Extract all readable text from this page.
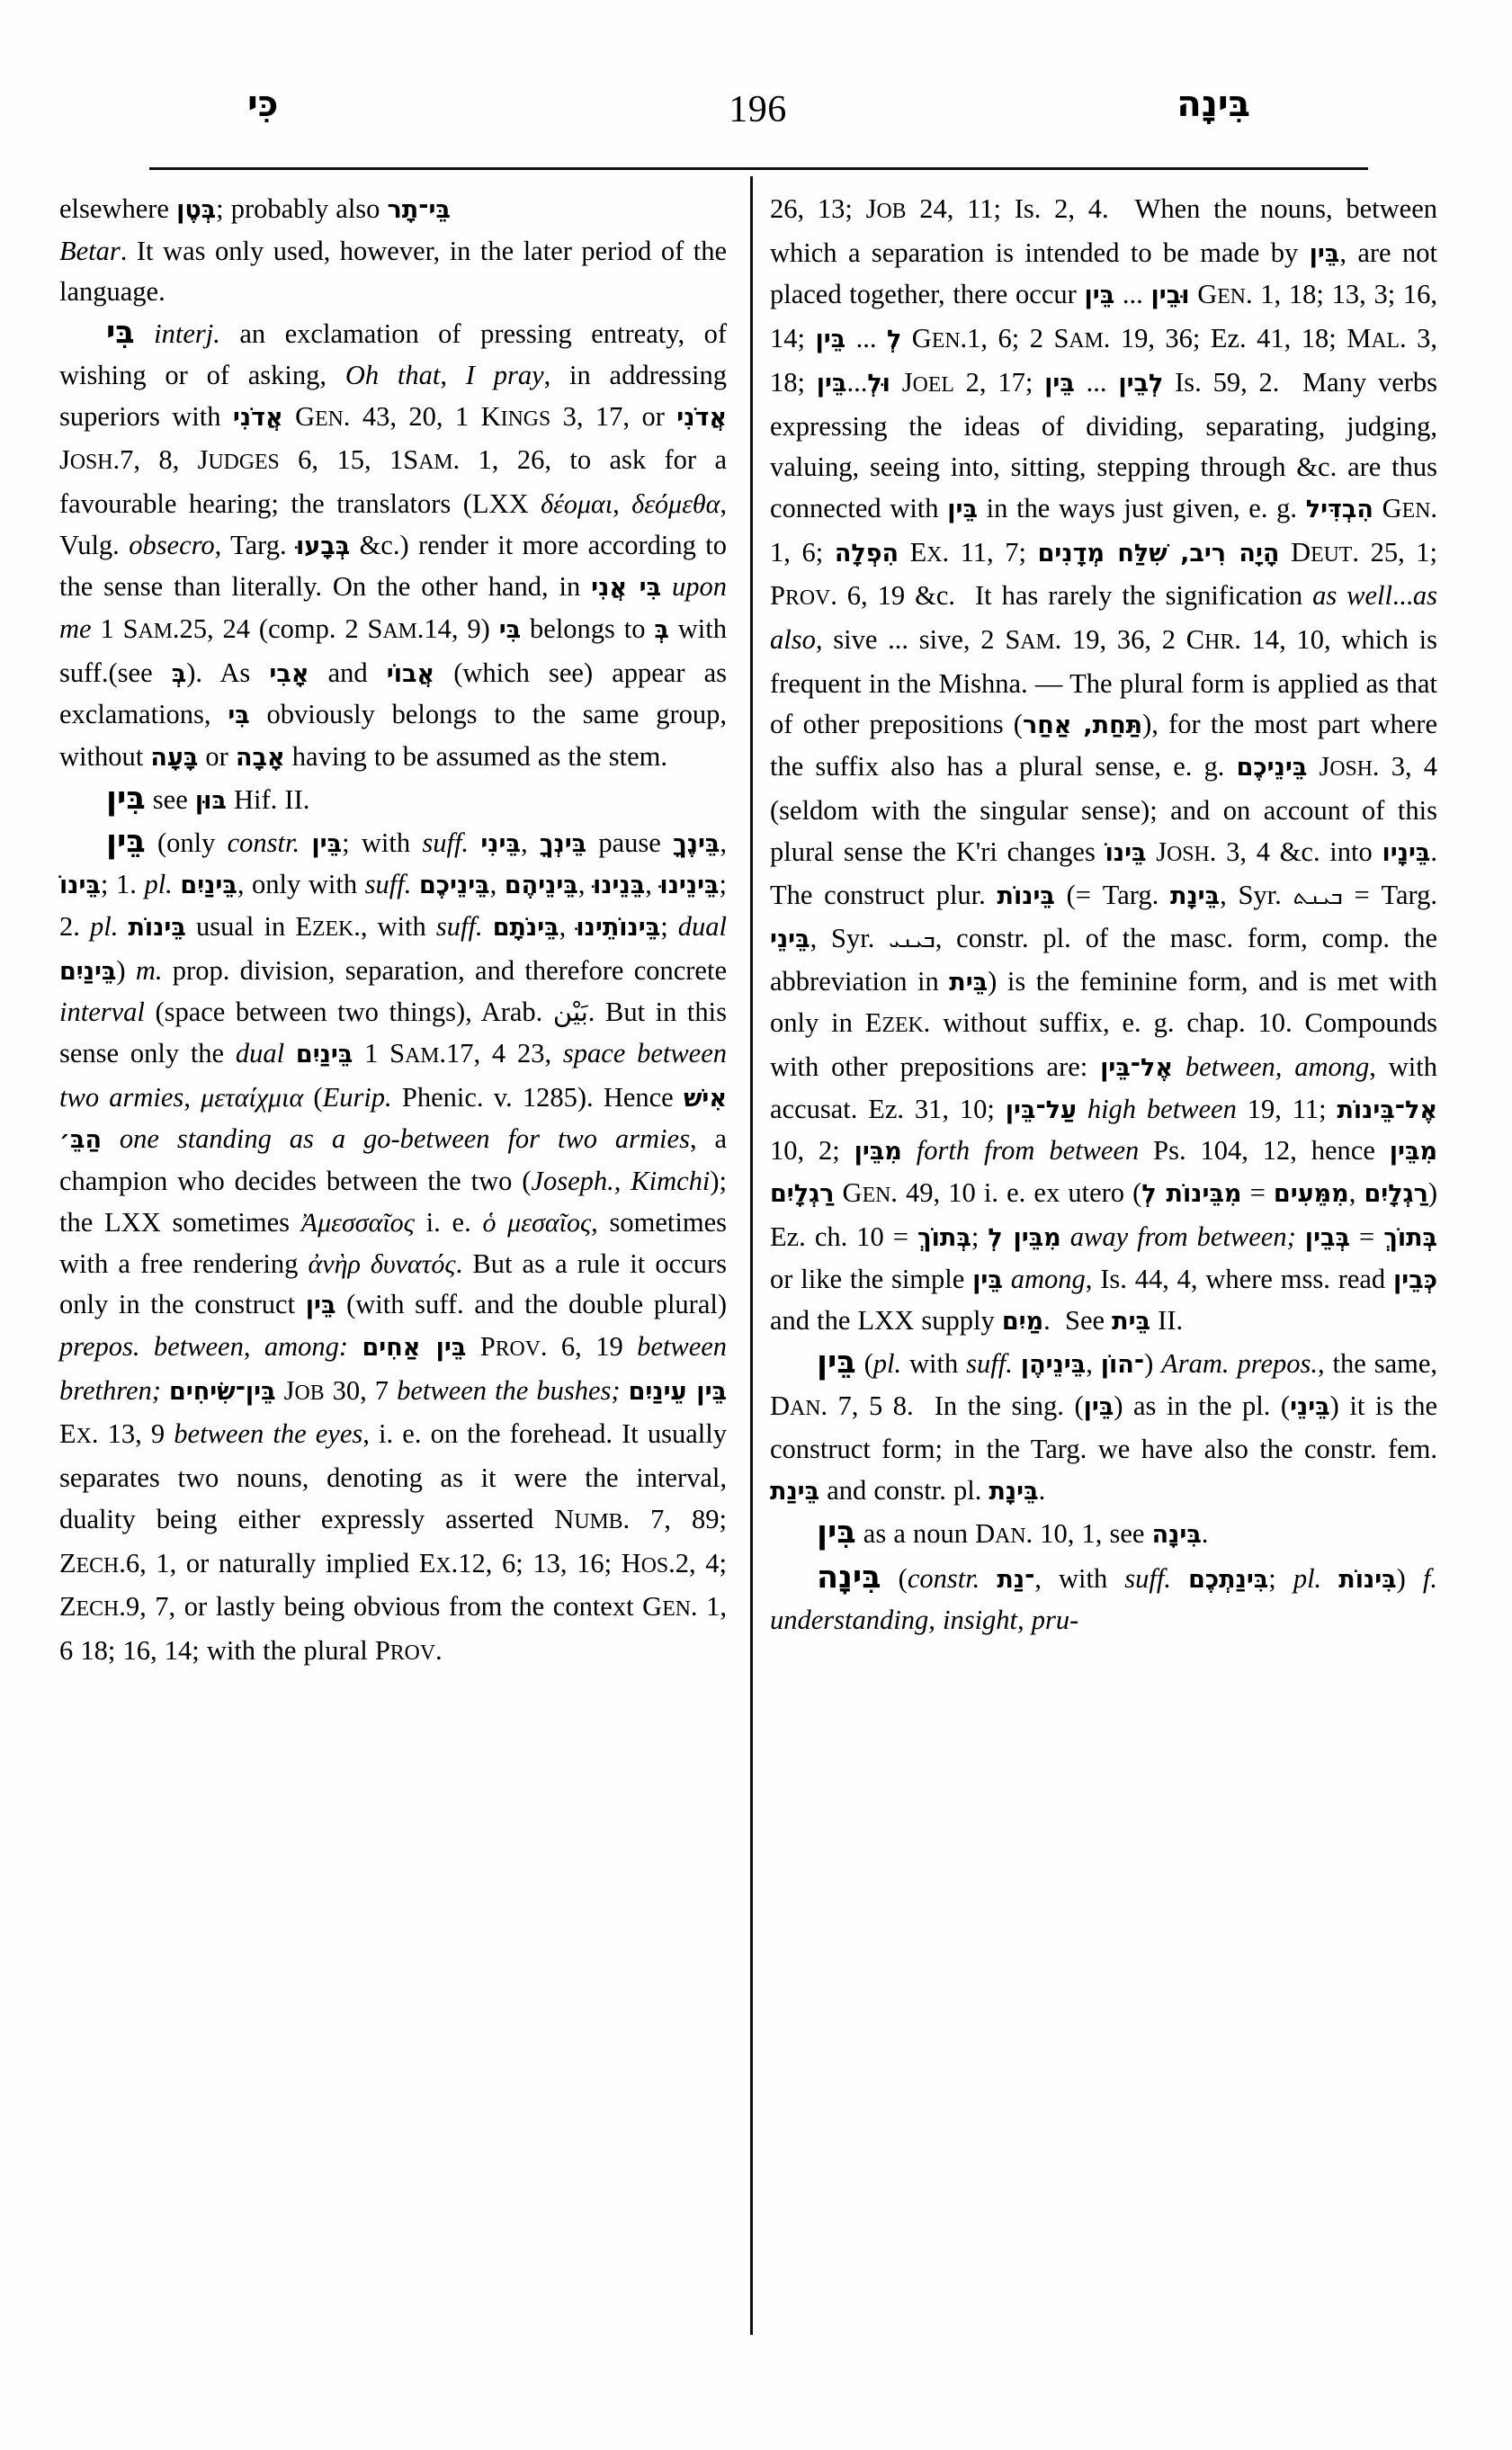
כִּי	196	בִּינָה

elsewhere בְּטֶן; probably also בֵּי־תָר
Betar. It was only used, however, in the later period of the language.

בִּי interj. an exclamation of pressing entreaty, of wishing or of asking, Oh that, I pray, in addressing superiors with אֲדֹנִי GEN. 43, 20, 1 KINGS 3, 17, or אֲדֹנִי JOSH.7, 8, JUDGES 6, 15, 1SAM. 1, 26, to ask for a favourable hearing; the translators (LXX δέομαι, δεόμεθα, Vulg. obsecro, Targ. בְּבָעוּ &c.) render it more according to the sense than literally. On the other hand, in בִּי אֲנִי upon me 1 SAM.25, 24 (comp. 2 SAM.14, 9) בִּי belongs to בְּ with suff.(see בְּ). As אָבִי and אֲבוֹי (which see) appear as exclamations, בִּי obviously belongs to the same group, without בָּעָה or אָבָה having to be assumed as the stem.

בִּין see בּוּן Hif. II.

בֵּין (only constr. בֵּין; with suff. בֵּינִי, בֵּינְךָ pause בֵּינֶךָ, בֵּינוֹ; 1. pl. בֵּינַיִם, only with suff. בֵּינֵיכֶם, בֵּינֵיהֶם, בֵּנֵינוּ, בֵּינֵינוּ; 2. pl. בֵּינוֹת usual in EZEK., with suff. בֵּינֹתָם, בֵּינוֹתֵינוּ; dual בֵּינַיִם) m. prop. division, separation, and therefore concrete interval (space between two things), Arab. بَيْن. But in this sense only the dual בֵּינַיִם 1 SAM.17, 4 23, space between two armies, μεταίχμια (Eurip. Phenic. v. 1285). Hence אִישׁ הַבֵּ׳ one standing as a go-between for two armies, a champion who decides between the two (Joseph., Kimchi); the LXX sometimes Ἀμεσσαῖος i. e. ὁ μεσαῖος, sometimes with a free rendering ἀνὴρ δυνατός. But as a rule it occurs only in the construct בֵּין (with suff. and the double plural) prepos. between, among: בֵּין אַחִים PROV. 6, 19 between brethren; בֵּין־שִׂיחִים JOB 30, 7 between the bushes; בֵּין עֵינַיִם EX. 13, 9 between the eyes, i. e. on the forehead. It usually separates two nouns, denoting as it were the interval, duality being either expressly asserted NUMB. 7, 89; ZECH.6, 1, or naturally implied EX.12, 6; 13, 16; HOS.2, 4; ZECH.9, 7, or lastly being obvious from the context GEN. 1, 6 18; 16, 14; with the plural PROV.

26, 13; JOB 24, 11; Is. 2, 4.  When the nouns, between which a separation is intended to be made by בֵּין, are not placed together, there occur בֵּין ... וּבֵין GEN. 1, 18; 13, 3; 16, 14; בֵּין ... לְ GEN.1, 6; 2 SAM. 19, 36; Ez. 41, 18; MAL. 3, 18; בֵּין...וּלְ JOEL 2, 17; בֵּין ... לְבֵין Is. 59, 2.  Many verbs expressing the ideas of dividing, separating, judging, valuing, seeing into, sitting, stepping through &c. are thus connected with בֵּין in the ways just given, e. g. הִבְדִּיל GEN. 1, 6; הִפְלָה EX. 11, 7; הָיָה רִיב, שִׁלַּח מְדָנִים DEUT. 25, 1; PROV. 6, 19 &c.  It has rarely the signification as well...as also, sive ... sive, 2 SAM. 19, 36, 2 CHR. 14, 10, which is frequent in the Mishna. — The plural form is applied as that of other prepositions (תַּחַת, אַחַר), for the most part where the suffix also has a plural sense, e. g. בֵּינֵיכֶם JOSH. 3, 4 (seldom with the singular sense); and on account of this plural sense the K'ri changes בֵּינוֹ JOSH. 3, 4 &c. into בֵּינָיו. The construct plur. בֵּינוֹת (= Targ. בֵּינָת, Syr. ܒܝܢܬ = Targ. בֵּינֵי, Syr. ܒܝܢܝ, constr. pl. of the masc. form, comp. the abbreviation in בֵּית) is the feminine form, and is met with only in EZEK. without suffix, e. g. chap. 10. Compounds with other prepositions are: אֶל־בֵּין between, among, with accusat. Ez. 31, 10; עַל־בֵּין high between 19, 11; אֶל־בֵּינוֹת 10, 2; מִבֵּין forth from between Ps. 104, 12, hence מִבֵּין רַגְלָיִם GEN. 49, 10 i. e. ex utero (מִבֵּינוֹת לְ = מִמֵּעִים, רַגְלָיִם) Ez. ch. 10 = בְּתוֹךְ; מִבֵּין לְ away from between; בְּבֵין = בְּתוֹךְ or like the simple בֵּין among, Is. 44, 4, where mss. read כְּבֵין and the LXX supply מַיִם.  See בֵּית II.

בֵּין (pl. with suff. בֵּינֵיהֶן, ־הוֹן) Aram. prepos., the same, DAN. 7, 5 8.  In the sing. (בֵּין) as in the pl. (בֵּינֵי) it is the construct form; in the Targ. we have also the constr. fem. בֵּינַת and constr. pl. בֵּינָת.

בִּין as a noun DAN. 10, 1, see בִּינָה.

בִּינָה (constr. ־נַת, with suff. בִּינַתְכֶם; pl. בִּינוֹת) f. understanding, insight, pru-
